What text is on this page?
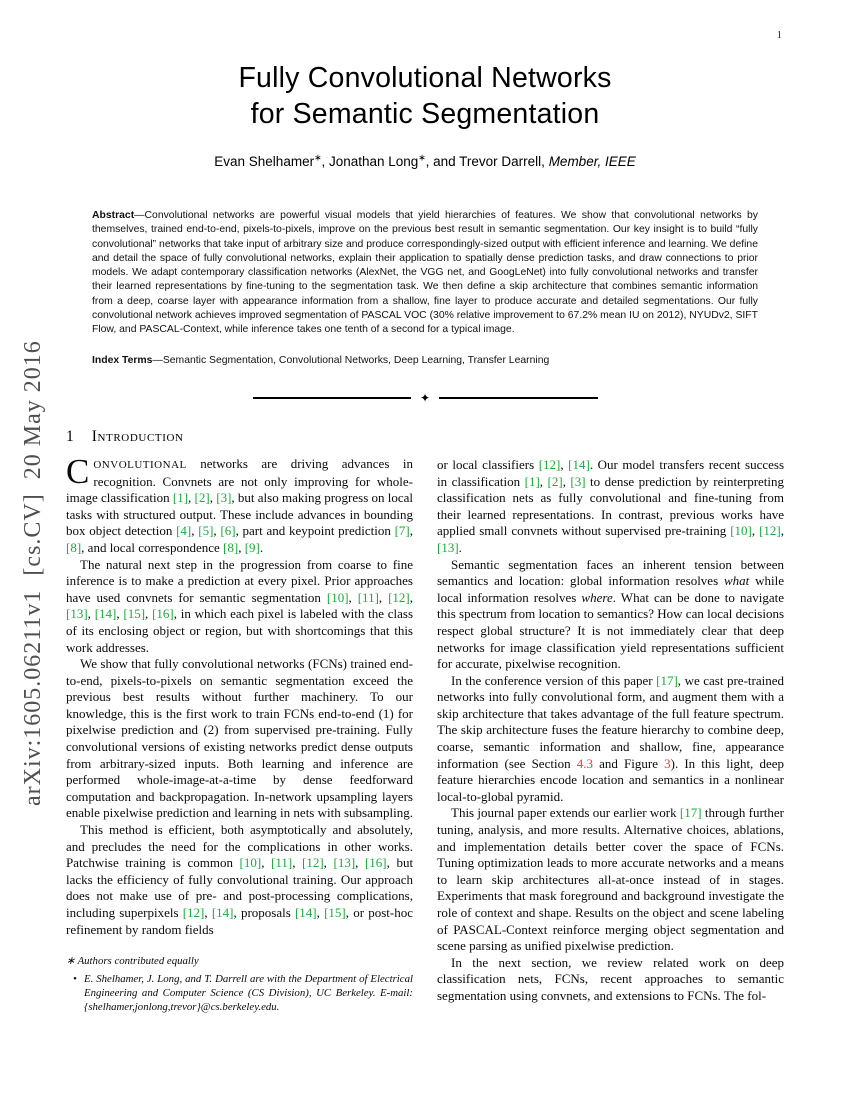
arXiv:1605.06211v1  [cs.CV]  20 May 2016
1
Fully Convolutional Networks
for Semantic Segmentation
Evan Shelhamer∗, Jonathan Long∗, and Trevor Darrell, Member, IEEE
Abstract—Convolutional networks are powerful visual models that yield hierarchies of features. We show that convolutional networks by themselves, trained end-to-end, pixels-to-pixels, improve on the previous best result in semantic segmentation. Our key insight is to build “fully convolutional” networks that take input of arbitrary size and produce correspondingly-sized output with efficient inference and learning. We define and detail the space of fully convolutional networks, explain their application to spatially dense prediction tasks, and draw connections to prior models. We adapt contemporary classification networks (AlexNet, the VGG net, and GoogLeNet) into fully convolutional networks and transfer their learned representations by fine-tuning to the segmentation task. We then define a skip architecture that combines semantic information from a deep, coarse layer with appearance information from a shallow, fine layer to produce accurate and detailed segmentations. Our fully convolutional network achieves improved segmentation of PASCAL VOC (30% relative improvement to 67.2% mean IU on 2012), NYUDv2, SIFT Flow, and PASCAL-Context, while inference takes one tenth of a second for a typical image.
Index Terms—Semantic Segmentation, Convolutional Networks, Deep Learning, Transfer Learning
✦
1 Introduction

CONVOLUTIONAL networks are driving advances in recognition. Convnets are not only improving for whole-image classification [1], [2], [3], but also making progress on local tasks with structured output. These include advances in bounding box object detection [4], [5], [6], part and keypoint prediction [7], [8], and local correspondence [8], [9].

The natural next step in the progression from coarse to fine inference is to make a prediction at every pixel. Prior approaches have used convnets for semantic segmentation [10], [11], [12], [13], [14], [15], [16], in which each pixel is labeled with the class of its enclosing object or region, but with shortcomings that this work addresses.

We show that fully convolutional networks (FCNs) trained end-to-end, pixels-to-pixels on semantic segmentation exceed the previous best results without further machinery. To our knowledge, this is the first work to train FCNs end-to-end (1) for pixelwise prediction and (2) from supervised pre-training. Fully convolutional versions of existing networks predict dense outputs from arbitrary-sized inputs. Both learning and inference are performed whole-image-at-a-time by dense feedforward computation and backpropagation. In-network upsampling layers enable pixelwise prediction and learning in nets with subsampling.

This method is efficient, both asymptotically and absolutely, and precludes the need for the complications in other works. Patchwise training is common [10], [11], [12], [13], [16], but lacks the efficiency of fully convolutional training. Our approach does not make use of pre- and post-processing complications, including superpixels [12], [14], proposals [14], [15], or post-hoc refinement by random fields

∗ Authors contributed equally
• E. Shelhamer, J. Long, and T. Darrell are with the Department of Electrical Engineering and Computer Science (CS Division), UC Berkeley. E-mail: {shelhamer,jonlong,trevor}@cs.berkeley.edu.

or local classifiers [12], [14]. Our model transfers recent success in classification [1], [2], [3] to dense prediction by reinterpreting classification nets as fully convolutional and fine-tuning from their learned representations. In contrast, previous works have applied small convnets without supervised pre-training [10], [12], [13].

Semantic segmentation faces an inherent tension between semantics and location: global information resolves what while local information resolves where. What can be done to navigate this spectrum from location to semantics? How can local decisions respect global structure? It is not immediately clear that deep networks for image classification yield representations sufficient for accurate, pixelwise recognition.

In the conference version of this paper [17], we cast pre-trained networks into fully convolutional form, and augment them with a skip architecture that takes advantage of the full feature spectrum. The skip architecture fuses the feature hierarchy to combine deep, coarse, semantic information and shallow, fine, appearance information (see Section 4.3 and Figure 3). In this light, deep feature hierarchies encode location and semantics in a nonlinear local-to-global pyramid.

This journal paper extends our earlier work [17] through further tuning, analysis, and more results. Alternative choices, ablations, and implementation details better cover the space of FCNs. Tuning optimization leads to more accurate networks and a means to learn skip architectures all-at-once instead of in stages. Experiments that mask foreground and background investigate the role of context and shape. Results on the object and scene labeling of PASCAL-Context reinforce merging object segmentation and scene parsing as unified pixelwise prediction.

In the next section, we review related work on deep classification nets, FCNs, recent approaches to semantic segmentation using convnets, and extensions to FCNs. The fol-
